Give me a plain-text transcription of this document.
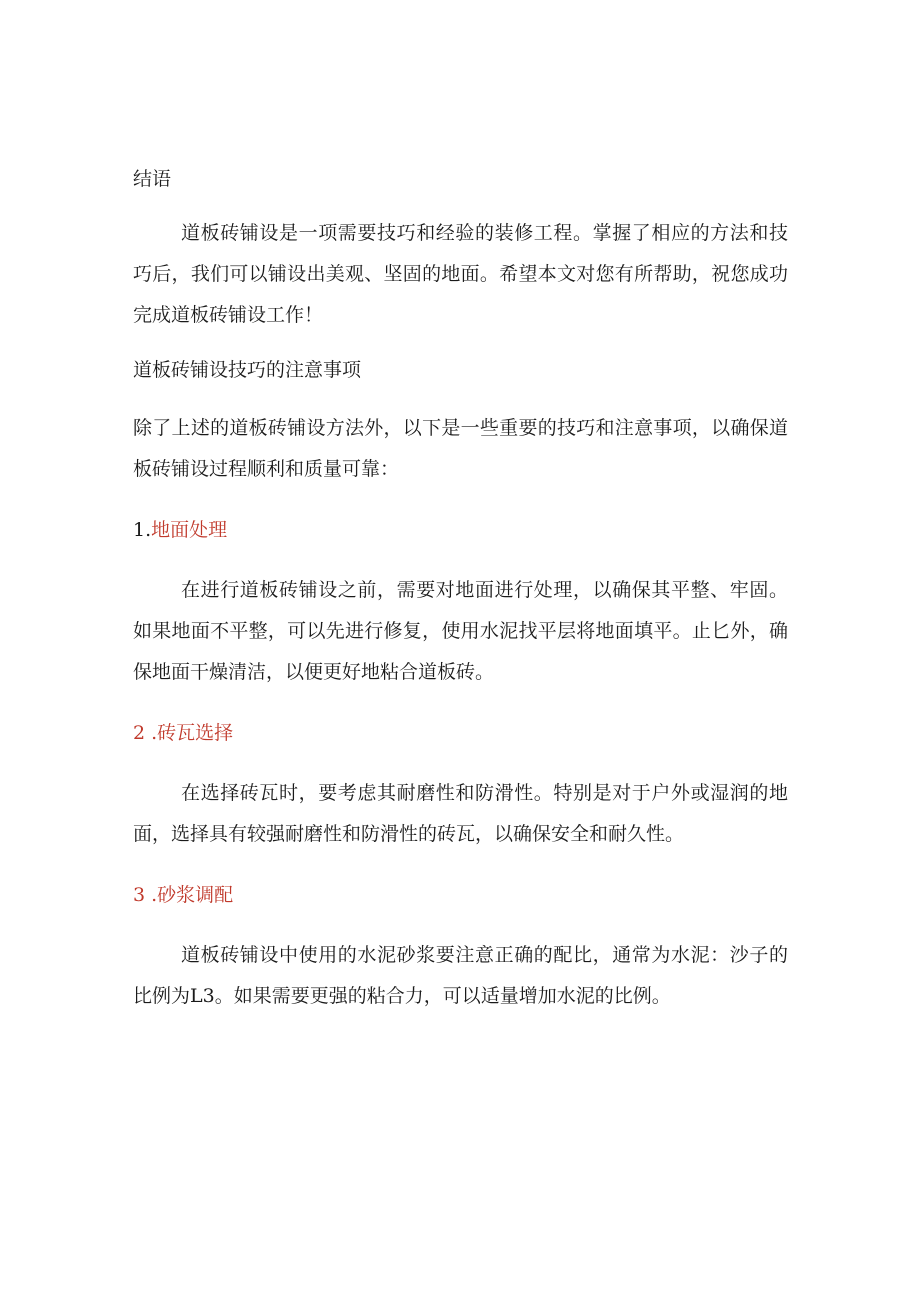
结语

道板砖铺设是一项需要技巧和经验的装修工程。掌握了相应的方法和技巧后，我们可以铺设出美观、坚固的地面。希望本文对您有所帮助，祝您成功完成道板砖铺设工作！

道板砖铺设技巧的注意事项

除了上述的道板砖铺设方法外，以下是一些重要的技巧和注意事项，以确保道板砖铺设过程顺利和质量可靠：

1.地面处理

在进行道板砖铺设之前，需要对地面进行处理，以确保其平整、牢固。如果地面不平整，可以先进行修复，使用水泥找平层将地面填平。止匕外，确保地面干燥清洁，以便更好地粘合道板砖。

2 .砖瓦选择

在选择砖瓦时，要考虑其耐磨性和防滑性。特别是对于户外或湿润的地面，选择具有较强耐磨性和防滑性的砖瓦，以确保安全和耐久性。

3 .砂浆调配

道板砖铺设中使用的水泥砂浆要注意正确的配比，通常为水泥：沙子的比例为L3。如果需要更强的粘合力，可以适量增加水泥的比例。
